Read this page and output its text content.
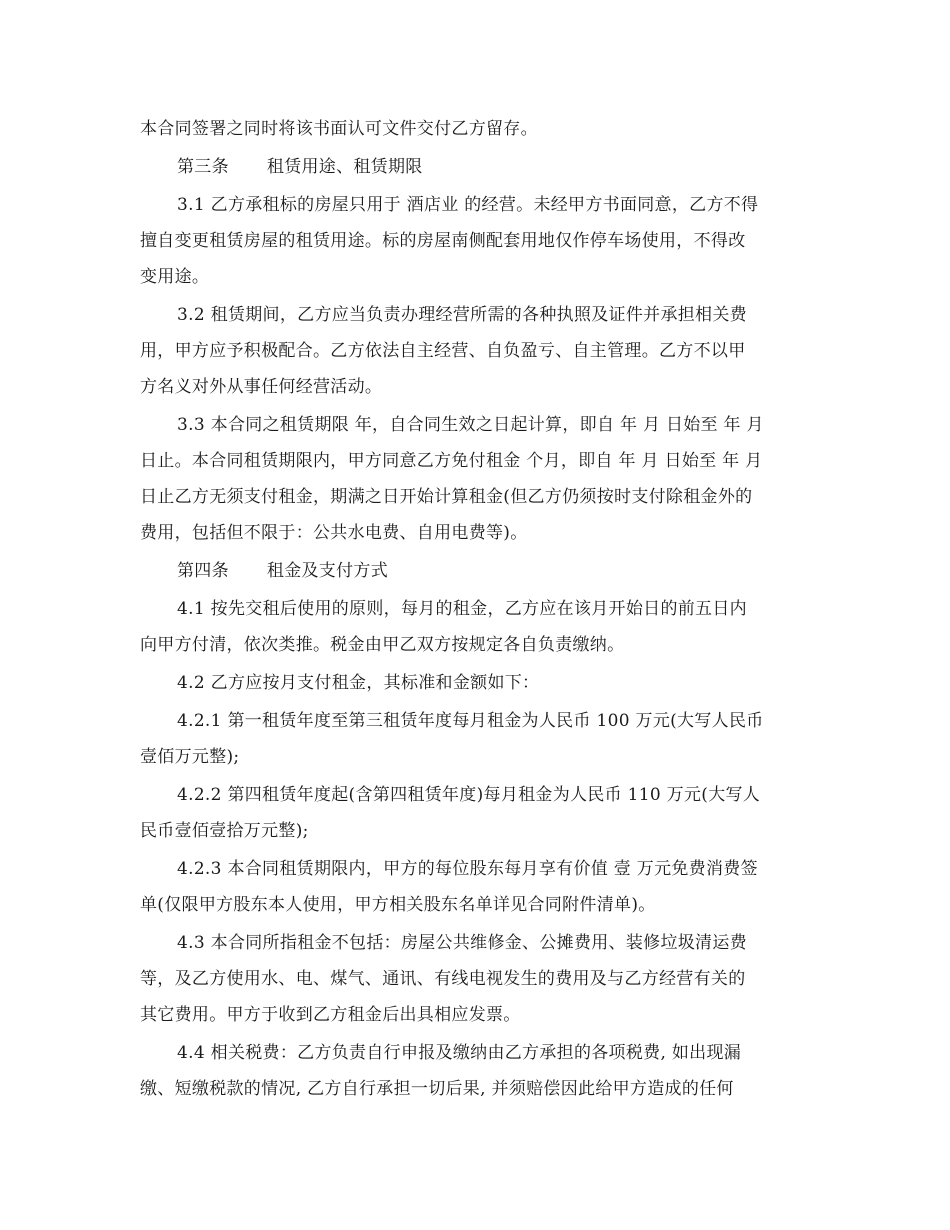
本合同签署之同时将该书面认可文件交付乙方留存。
第三条 租赁用途、租赁期限
3.1 乙方承租标的房屋只用于 酒店业 的经营。未经甲方书面同意，乙方不得
擅自变更租赁房屋的租赁用途。标的房屋南侧配套用地仅作停车场使用，不得改
变用途。
3.2 租赁期间，乙方应当负责办理经营所需的各种执照及证件并承担相关费
用，甲方应予积极配合。乙方依法自主经营、自负盈亏、自主管理。乙方不以甲
方名义对外从事任何经营活动。
3.3 本合同之租赁期限 年，自合同生效之日起计算，即自 年 月 日始至 年 月
日止。本合同租赁期限内，甲方同意乙方免付租金 个月，即自 年 月 日始至 年 月
日止乙方无须支付租金，期满之日开始计算租金(但乙方仍须按时支付除租金外的
费用，包括但不限于：公共水电费、自用电费等)。
第四条 租金及支付方式
4.1 按先交租后使用的原则，每月的租金，乙方应在该月开始日的前五日内
向甲方付清，依次类推。税金由甲乙双方按规定各自负责缴纳。
4.2 乙方应按月支付租金，其标准和金额如下：
4.2.1 第一租赁年度至第三租赁年度每月租金为人民币 100 万元(大写人民币
壹佰万元整);
4.2.2 第四租赁年度起(含第四租赁年度)每月租金为人民币 110 万元(大写人
民币壹佰壹拾万元整);
4.2.3 本合同租赁期限内，甲方的每位股东每月享有价值 壹 万元免费消费签
单(仅限甲方股东本人使用，甲方相关股东名单详见合同附件清单)。
4.3 本合同所指租金不包括：房屋公共维修金、公摊费用、装修垃圾清运费
等，及乙方使用水、电、煤气、通讯、有线电视发生的费用及与乙方经营有关的
其它费用。甲方于收到乙方租金后出具相应发票。
4.4 相关税费：乙方负责自行申报及缴纳由乙方承担的各项税费, 如出现漏
缴、短缴税款的情况, 乙方自行承担一切后果, 并须赔偿因此给甲方造成的任何
